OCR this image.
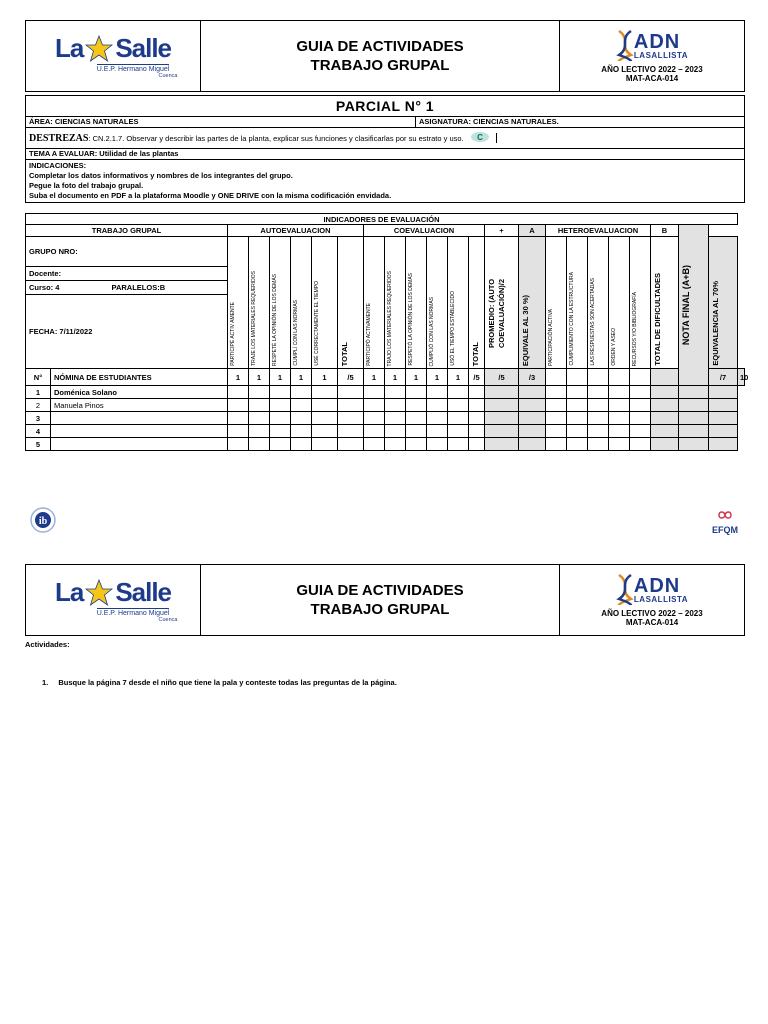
La Salle
U.E.P. Hermano Miguel
Cuenca
GUIA DE ACTIVIDADES
TRABAJO GRUPAL
ADN
LASALLISTA
AÑO LECTIVO 2022 – 2023
MAT-ACA-014
PARCIAL N° 1
ÁREA: CIENCIAS NATURALES	ASIGNATURA: CIENCIAS NATURALES.
DESTREZAS : CN.2.1.7. Observar y describir las partes de la planta, explicar sus funciones y clasificarlas por su estrato y uso. C
TEMA A EVALUAR: Utilidad de las plantas
INDICACIONES:
Completar los datos informativos y nombres de los integrantes del grupo.
Pegue la foto del trabajo grupal.
Suba el documento en PDF a la plataforma Moodle y ONE DRIVE con la misma codificación envidada.
INDICADORES DE EVALUACIÓN																								
TRABAJO GRUPAL		AUTOEVALUACION						COEVALUACION						+	A	HETEROEVALUACION					B	NOTA FINAL (A+B)		

GRUPO NRO:		PARTICIPÉ ACTIV AMENTE	TRAJE LOS MATERIALES REQUERIDOS	RESPETÉ LA OPINIÓN DE LOS DEMÁS	CUMPLÍ CON LAS NORMAS	USÉ CORRECTAMENTE EL TIEMPO	TOTAL	PARTICIPÓ ACTIVAMENTE	TRAJO LOS MATERIALES REQUERIDOS	RESPETÓ LA OPINIÓN DE LOS DEMÁS	CUMPLIÓ CON LAS NORMAS	USÓ EL TIEMPO ESTABLECIDO	TOTAL	PROMEDIO: (AUTO COEVALUACIÓN)/2	EQUIVALE AL 30 %)	PARTICIPACIÓN ACTIVA	CUMPLIMIENTO CON LA ESTRUCTURA	LAS RESPUESTAS SON ACERTADAS	ORDEN Y ASEO	RECURSOS Y/O BIBLIOGRAFÍA	TOTAL DE DIFICULTADES		EQUIVALENCIA AL 70%	

Docente:																								
Curso: 4 PARALELOS:B																								
FECHA: 7/11/2022																								
N°	NÓMINA DE ESTUDIANTES	1	1	1	1	1	/5	1	1	1	1	1	/5	/5	/3								/7	10
1	Doménica Solano																							
2	Manuela Pinos																							
3																								
4																								
5																								
ib
EFQM
La Salle
U.E.P. Hermano Miguel
Cuenca
GUIA DE ACTIVIDADES
TRABAJO GRUPAL
ADN
LASALLISTA
AÑO LECTIVO 2022 – 2023
MAT-ACA-014
Actividades:
1. Busque la página 7 desde el niño que tiene la pala y conteste todas las preguntas de la página.
